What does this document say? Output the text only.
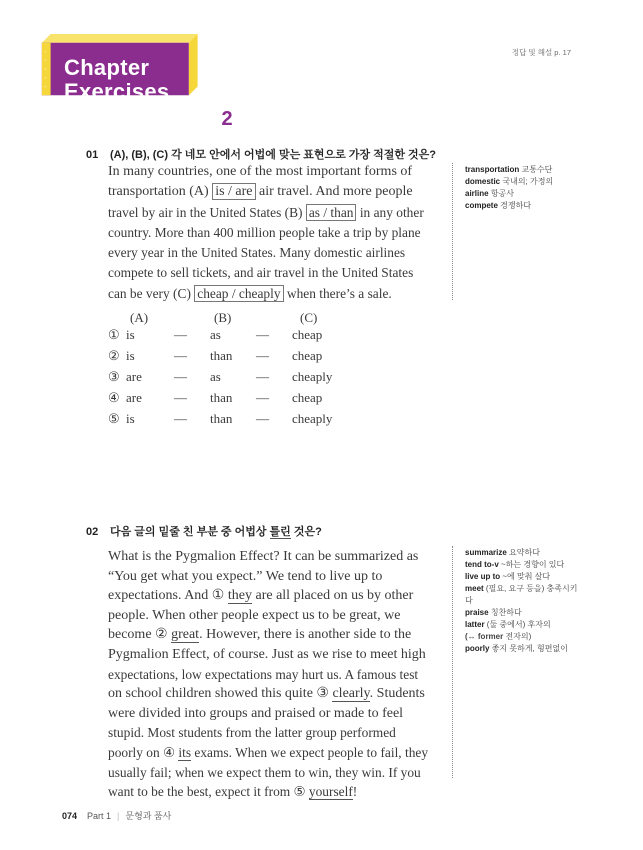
정답 및 해설 p. 17
Chapter
Exercises
2
01 (A), (B), (C) 각 네모 안에서 어법에 맞는 표현으로 가장 적절한 것은?

In many countries, one of the most important forms of

transportation (A) is / are air travel. And more people

travel by air in the United States (B) as / than in any other

country. More than 400 million people take a trip by plane

every year in the United States. Many domestic airlines

compete to sell tickets, and air travel in the United States

can be very (C) cheap / cheaply when there’s a sale.

transportation 교통수단
domestic 국내의; 가정의
airline 항공사
compete 경쟁하다
(A)	(B)	(C)
① is	— as	— cheap
② is	— than — cheap
③ are — as	— cheaply
④ are — than — cheap
⑤ is	— than — cheaply
02 다음 글의 밑줄 친 부분 중 어법상 틀린 것은?

What is the Pygmalion Effect? It can be summarized as

“You get what you expect.” We tend to live up to

expectations. And ① they are all placed on us by other

people. When other people expect us to be great, we

become ② great. However, there is another side to the

Pygmalion Effect, of course. Just as we rise to meet high

expectations, low expectations may hurt us. A famous test

on school children showed this quite ③ clearly. Students

were divided into groups and praised or made to feel

stupid. Most students from the latter group performed

poorly on ④ its exams. When we expect people to fail, they

usually fail; when we expect them to win, they win. If you

want to be the best, expect it from ⑤ yourself!

summarize 요약하다
tend to-v ~하는 경향이 있다
live up to ~에 맞춰 살다
meet (필요, 요구 등을) 충족시키다
praise 칭찬하다
latter (둘 중에서) 후자의
(↔ former 전자의)
poorly 좋지 못하게, 형편없이
074 Part 1 | 문형과 품사
